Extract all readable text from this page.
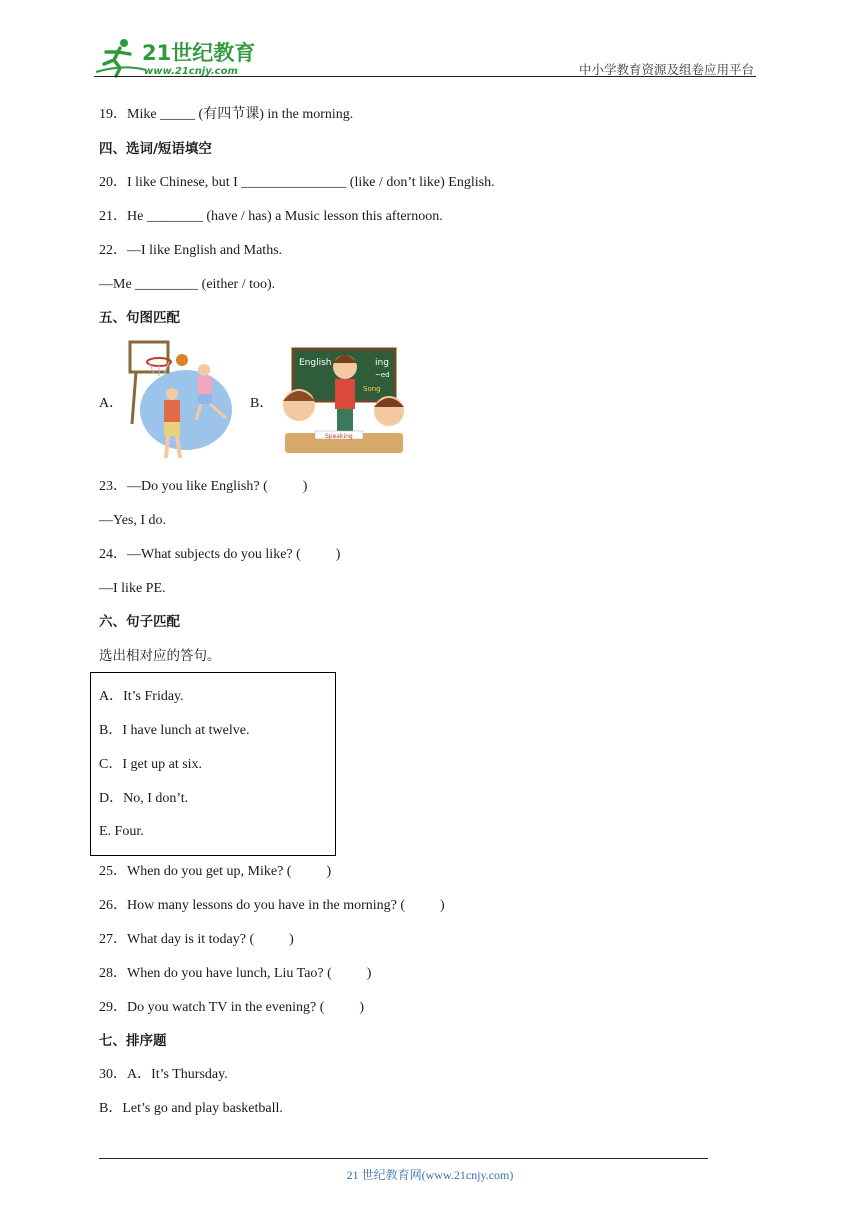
21世纪教育
www.21cnjy.com	中小学教育资源及组卷应用平台
19．Mike _____ (有四节课) in the morning.
四、选词/短语填空
20．I like Chinese, but I _______________ (like / don’t like) English.
21．He ________ (have / has) a Music lesson this afternoon.
22．—I like English and Maths.
—Me _________ (either / too).
五、句图匹配
A．	B．
English	ing
~ed
Song
Speaking
23．—Do you like English? (          )
—Yes, I do.
24．—What subjects do you like? (          )
—I like PE.
六、句子匹配
选出相对应的答句。
A．It’s Friday.
B．I have lunch at twelve.
C．I get up at six.
D．No, I don’t.
E. Four.
25．When do you get up, Mike? (          )
26．How many lessons do you have in the morning? (          )
27．What day is it today? (          )
28．When do you have lunch, Liu Tao? (          )
29．Do you watch TV in the evening? (          )
七、排序题
30．A．It’s Thursday.
B．Let’s go and play basketball.
21 世纪教育网(www.21cnjy.com)
